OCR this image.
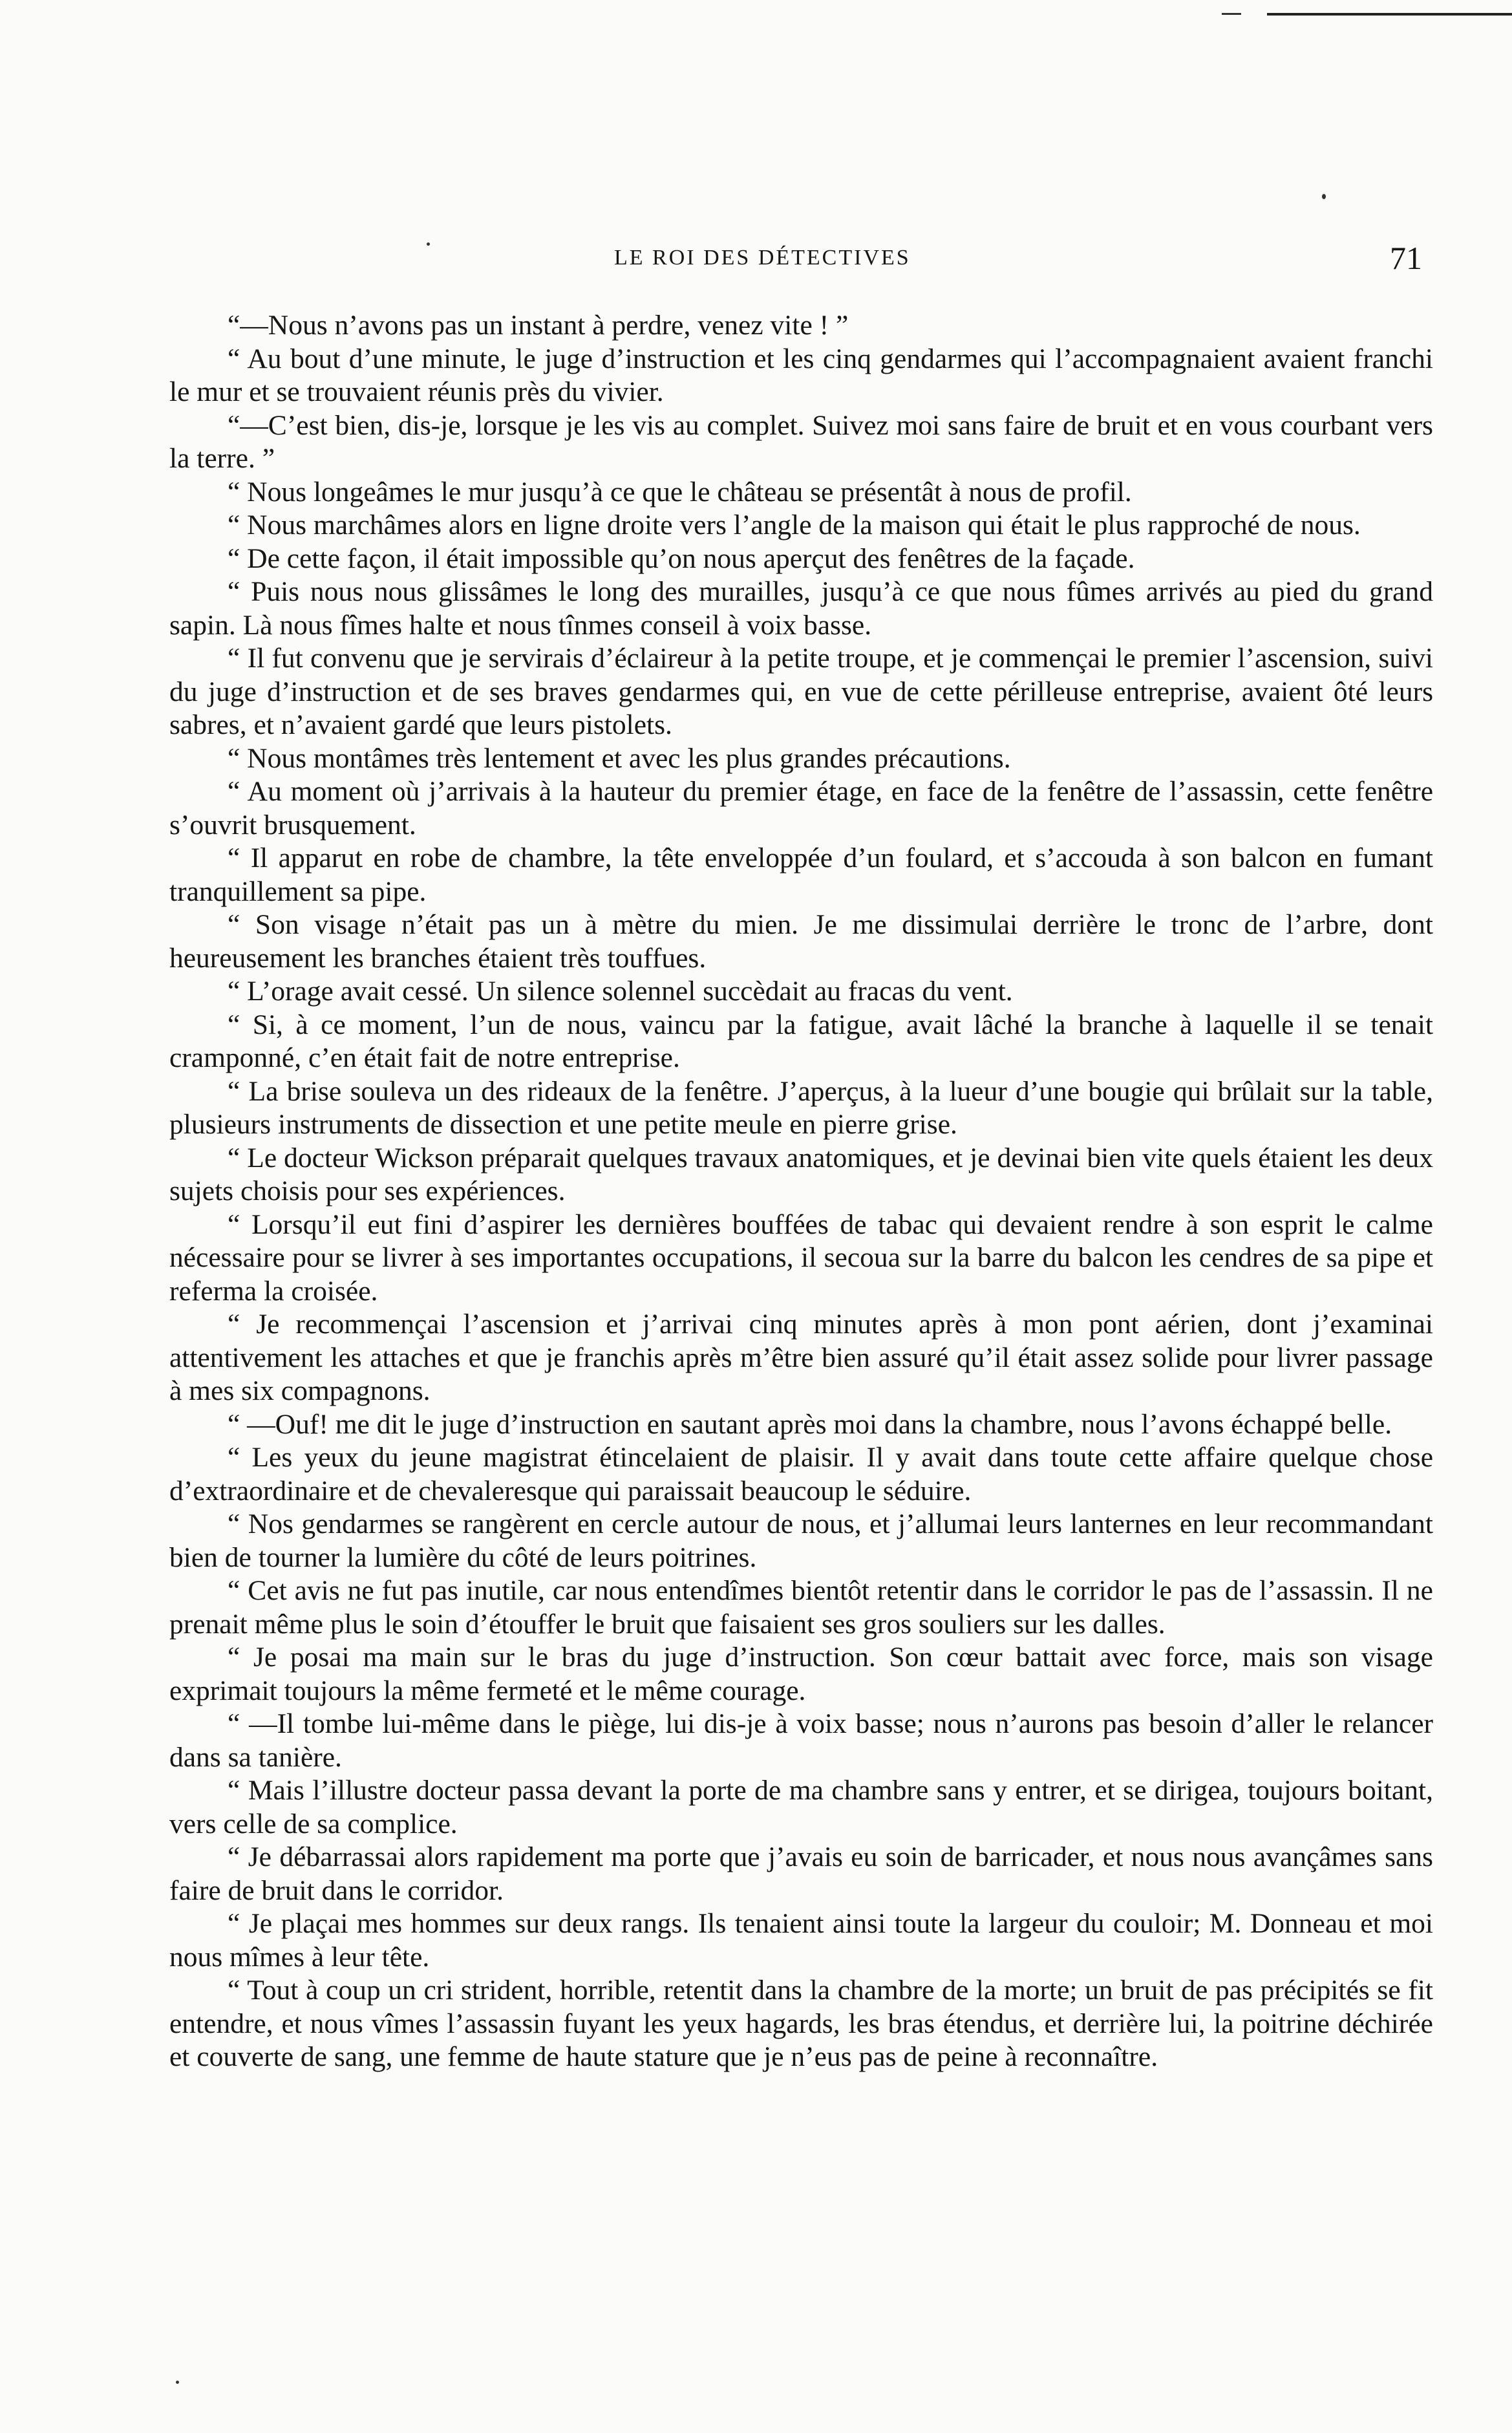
LE ROI DES DÉTECTIVES	71

“—Nous n’avons pas un instant à perdre, venez vite ! ”

“ Au bout d’une minute, le juge d’instruction et les cinq gendarmes qui l’accompagnaient avaient franchi le mur et se trouvaient réunis près du vivier.

“—C’est bien, dis-je, lorsque je les vis au complet. Suivez moi sans faire de bruit et en vous courbant vers la terre. ”

“ Nous longeâmes le mur jusqu’à ce que le château se présentât à nous de profil.

“ Nous marchâmes alors en ligne droite vers l’angle de la maison qui était le plus rapproché de nous.

“ De cette façon, il était impossible qu’on nous aperçut des fenêtres de la façade.

“ Puis nous nous glissâmes le long des murailles, jusqu’à ce que nous fûmes arrivés au pied du grand sapin. Là nous fîmes halte et nous tînmes conseil à voix basse.

“ Il fut convenu que je servirais d’éclaireur à la petite troupe, et je commençai le premier l’ascension, suivi du juge d’instruction et de ses braves gendarmes qui, en vue de cette périlleuse entreprise, avaient ôté leurs sabres, et n’avaient gardé que leurs pistolets.

“ Nous montâmes très lentement et avec les plus grandes précautions.

“ Au moment où j’arrivais à la hauteur du premier étage, en face de la fenêtre de l’assassin, cette fenêtre s’ouvrit brusquement.

“ Il apparut en robe de chambre, la tête enveloppée d’un foulard, et s’accouda à son balcon en fumant tranquillement sa pipe.

“ Son visage n’était pas un à mètre du mien. Je me dissimulai derrière le tronc de l’arbre, dont heureusement les branches étaient très touffues.

“ L’orage avait cessé. Un silence solennel succèdait au fracas du vent.

“ Si, à ce moment, l’un de nous, vaincu par la fatigue, avait lâché la branche à laquelle il se tenait cramponné, c’en était fait de notre entreprise.

“ La brise souleva un des rideaux de la fenêtre. J’aperçus, à la lueur d’une bougie qui brûlait sur la table, plusieurs instruments de dissection et une petite meule en pierre grise.

“ Le docteur Wickson préparait quelques travaux anatomiques, et je devinai bien vite quels étaient les deux sujets choisis pour ses expériences.

“ Lorsqu’il eut fini d’aspirer les dernières bouffées de tabac qui devaient rendre à son esprit le calme nécessaire pour se livrer à ses importantes occupations, il secoua sur la barre du balcon les cendres de sa pipe et referma la croisée.

“ Je recommençai l’ascension et j’arrivai cinq minutes après à mon pont aérien, dont j’examinai attentivement les attaches et que je franchis après m’être bien assuré qu’il était assez solide pour livrer passage à mes six compagnons.

“ —Ouf! me dit le juge d’instruction en sautant après moi dans la chambre, nous l’avons échappé belle.

“ Les yeux du jeune magistrat étincelaient de plaisir. Il y avait dans toute cette affaire quelque chose d’extraordinaire et de chevaleresque qui paraissait beaucoup le séduire.

“ Nos gendarmes se rangèrent en cercle autour de nous, et j’allumai leurs lanternes en leur recommandant bien de tourner la lumière du côté de leurs poitrines.

“ Cet avis ne fut pas inutile, car nous entendîmes bientôt retentir dans le corridor le pas de l’assassin. Il ne prenait même plus le soin d’étouffer le bruit que faisaient ses gros souliers sur les dalles.

“ Je posai ma main sur le bras du juge d’instruction. Son cœur battait avec force, mais son visage exprimait toujours la même fermeté et le même courage.

“ —Il tombe lui-même dans le piège, lui dis-je à voix basse; nous n’aurons pas besoin d’aller le relancer dans sa tanière.

“ Mais l’illustre docteur passa devant la porte de ma chambre sans y entrer, et se dirigea, toujours boitant, vers celle de sa complice.

“ Je débarrassai alors rapidement ma porte que j’avais eu soin de barricader, et nous nous avançâmes sans faire de bruit dans le corridor.

“ Je plaçai mes hommes sur deux rangs. Ils tenaient ainsi toute la largeur du couloir; M. Donneau et moi nous mîmes à leur tête.

“ Tout à coup un cri strident, horrible, retentit dans la chambre de la morte; un bruit de pas précipités se fit entendre, et nous vîmes l’assassin fuyant les yeux hagards, les bras étendus, et derrière lui, la poitrine déchirée et couverte de sang, une femme de haute stature que je n’eus pas de peine à reconnaître.
